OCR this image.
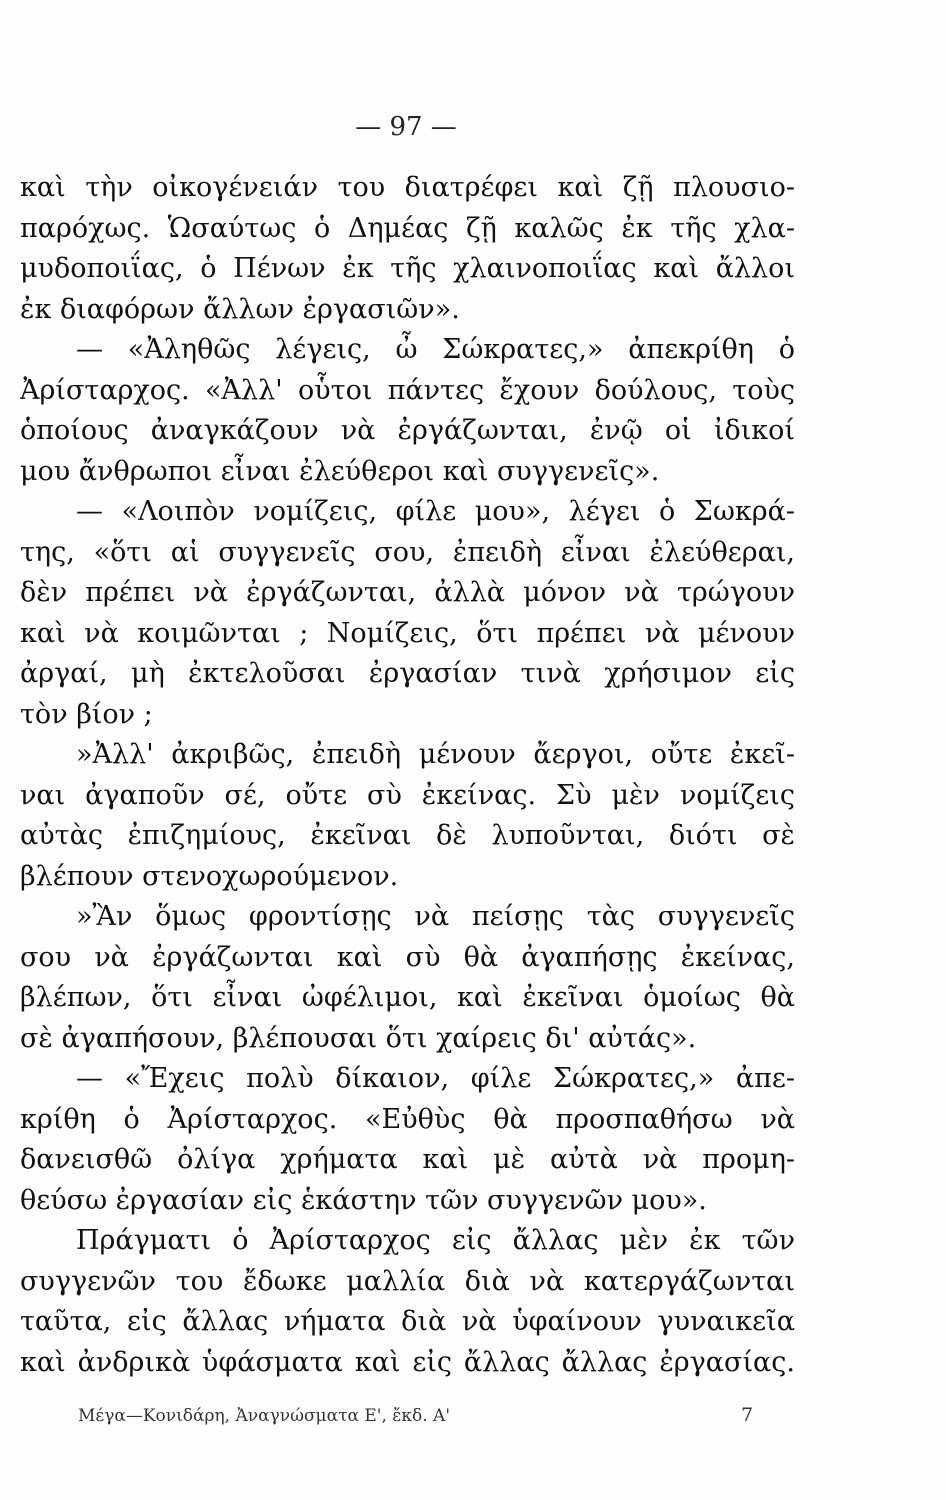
— 97 —
καὶ τὴν οἰκογένειάν του διατρέφει καὶ ζῇ πλουσιο-
παρόχως. Ὡσαύτως ὁ Δημέας ζῇ καλῶς ἐκ τῆς χλα-
μυδοποιΐας, ὁ Πένων ἐκ τῆς χλαινοποιΐας καὶ ἄλλοι
ἐκ διαφόρων ἄλλων ἐργασιῶν».
— «Ἀληθῶς λέγεις, ὦ Σώκρατες,» ἀπεκρίθη ὁ
Ἀρίσταρχος. «Ἀλλ' οὗτοι πάντες ἔχουν δούλους, τοὺς
ὁποίους ἀναγκάζουν νὰ ἐργάζωνται, ἐνῷ οἱ ἰδικοί
μου ἄνθρωποι εἶναι ἐλεύθεροι καὶ συγγενεῖς».
— «Λοιπὸν νομίζεις, φίλε μου», λέγει ὁ Σωκρά-
της, «ὅτι αἱ συγγενεῖς σου, ἐπειδὴ εἶναι ἐλεύθεραι,
δὲν πρέπει νὰ ἐργάζωνται, ἀλλὰ μόνον νὰ τρώγουν
καὶ νὰ κοιμῶνται ; Νομίζεις, ὅτι πρέπει νὰ μένουν
ἀργαί, μὴ ἐκτελοῦσαι ἐργασίαν τινὰ χρήσιμον εἰς
τὸν βίον ;
»Ἀλλ' ἀκριβῶς, ἐπειδὴ μένουν ἄεργοι, οὔτε ἐκεῖ-
ναι ἀγαποῦν σέ, οὔτε σὺ ἐκείνας. Σὺ μὲν νομίζεις
αὐτὰς ἐπιζημίους, ἐκεῖναι δὲ λυποῦνται, διότι σὲ
βλέπουν στενοχωρούμενον.
»Ἂν ὅμως φροντίσῃς νὰ πείσῃς τὰς συγγενεῖς
σου νὰ ἐργάζωνται καὶ σὺ θὰ ἀγαπήσῃς ἐκείνας,
βλέπων, ὅτι εἶναι ὠφέλιμοι, καὶ ἐκεῖναι ὁμοίως θὰ
σὲ ἀγαπήσουν, βλέπουσαι ὅτι χαίρεις δι' αὐτάς».
— «Ἔχεις πολὺ δίκαιον, φίλε Σώκρατες,» ἀπε-
κρίθη ὁ Ἀρίσταρχος. «Εὐθὺς θὰ προσπαθήσω νὰ
δανεισθῶ ὀλίγα χρήματα καὶ μὲ αὐτὰ νὰ προμη-
θεύσω ἐργασίαν εἰς ἑκάστην τῶν συγγενῶν μου».
Πράγματι ὁ Ἀρίσταρχος εἰς ἄλλας μὲν ἐκ τῶν
συγγενῶν του ἔδωκε μαλλία διὰ νὰ κατεργάζωνται
ταῦτα, εἰς ἄλλας νήματα διὰ νὰ ὑφαίνουν γυναικεῖα
καὶ ἀνδρικὰ ὑφάσματα καὶ εἰς ἄλλας ἄλλας ἐργασίας.
Μέγα—Κονιδάρη, Ἀναγνώσματα Ε', ἔκδ. Α'	7
